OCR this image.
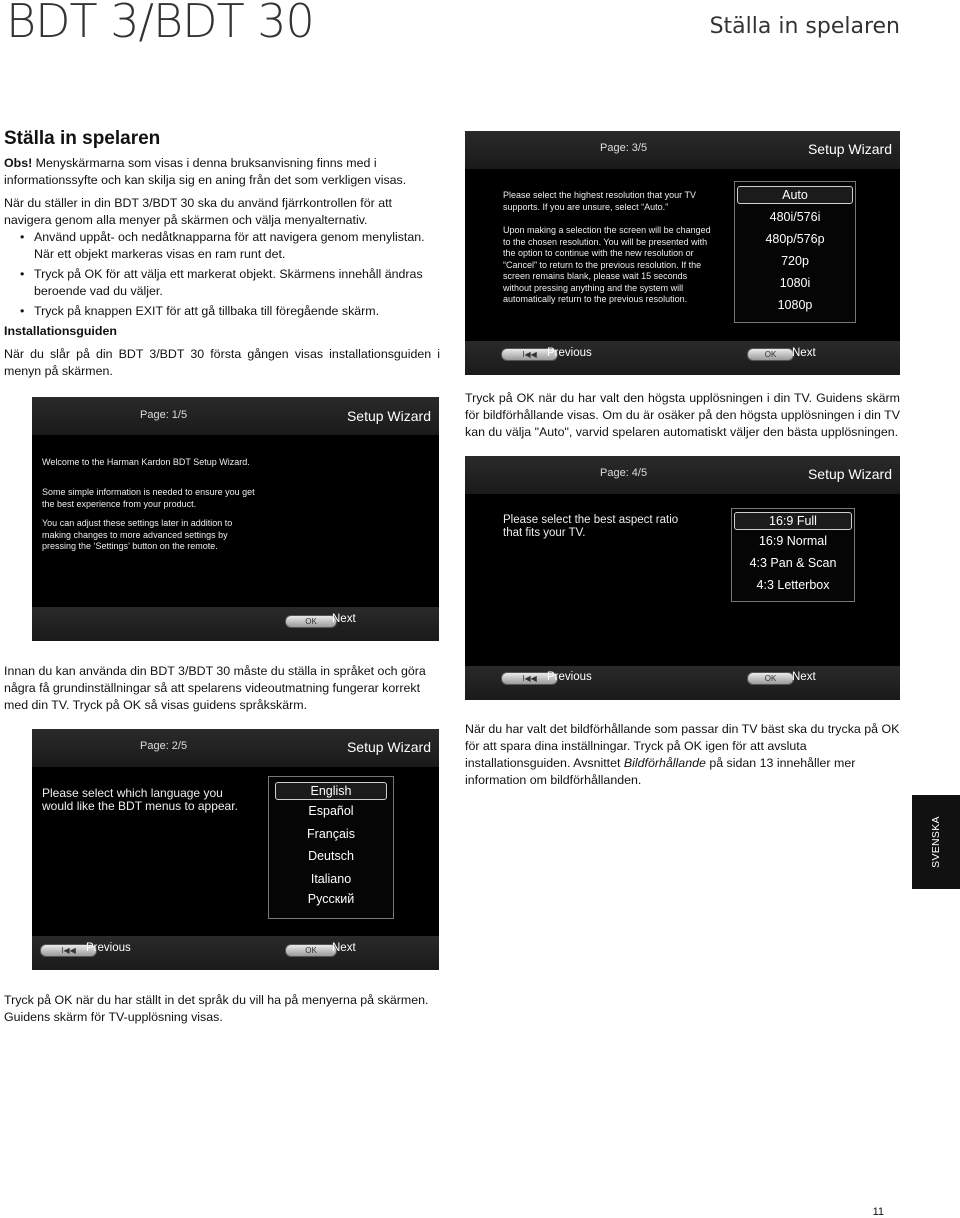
BDT 3/BDT 30	Ställa in spelaren
Ställa in spelaren
Obs! Menyskärmarna som visas i denna bruksanvisning finns med i informationssyfte och kan skilja sig en aning från det som verkligen visas.
När du ställer in din BDT 3/BDT 30 ska du använd fjärrkontrollen för att navigera genom alla menyer på skärmen och välja menyalternativ.
• Använd uppåt- och nedåtknapparna för att navigera genom menylistan. När ett objekt markeras visas en ram runt det.
• Tryck på OK för att välja ett markerat objekt. Skärmens innehåll ändras beroende vad du väljer.
• Tryck på knappen EXIT för att gå tillbaka till föregående skärm.
Installationsguiden
När du slår på din BDT 3/BDT 30 första gången visas installationsguiden i menyn på skärmen.
Page: 1/5	Setup Wizard
Welcome to the Harman Kardon BDT Setup Wizard.
Some simple information is needed to ensure you get the best experience from your product.
You can adjust these settings later in addition to making changes to more advanced settings by pressing the ‘Settings’ button on the remote.
OK	Next
Innan du kan använda din BDT 3/BDT 30 måste du ställa in språket och göra några få grundinställningar så att spelarens videoutmatning fungerar korrekt med din TV. Tryck på OK så visas guidens språkskärm.
Page: 2/5	Setup Wizard
Please select which language you would like the BDT menus to appear.
English
Español
Français
Deutsch
Italiano
Русский
I◀◀ Previous	OK	Next
Tryck på OK när du har ställt in det språk du vill ha på menyerna på skärmen. Guidens skärm för TV-upplösning visas.
Page: 3/5	Setup Wizard
Please select the highest resolution that your TV supports. If you are unsure, select “Auto.”
Upon making a selection the screen will be changed to the chosen resolution. You will be presented with the option to continue with the new resolution or “Cancel” to return to the previous resolution. If the screen remains blank, please wait 15 seconds without pressing anything and the system will automatically return to the previous resolution.
Auto
480i/576i
480p/576p
720p
1080i
1080p
I◀◀ Previous	OK	Next
Tryck på OK när du har valt den högsta upplösningen i din TV. Guidens skärm för bildförhållande visas. Om du är osäker på den högsta upplösningen i din TV kan du välja "Auto", varvid spelaren automatiskt väljer den bästa upplösningen.
Page: 4/5	Setup Wizard
Please select the best aspect ratio that fits your TV.
16:9 Full
16:9 Normal
4:3 Pan & Scan
4:3 Letterbox
I◀◀ Previous	OK	Next
När du har valt det bildförhållande som passar din TV bäst ska du trycka på OK för att spara dina inställningar. Tryck på OK igen för att avsluta installationsguiden. Avsnittet Bildförhållande på sidan 13 innehåller mer information om bildförhållanden.
SVENSKA
11
